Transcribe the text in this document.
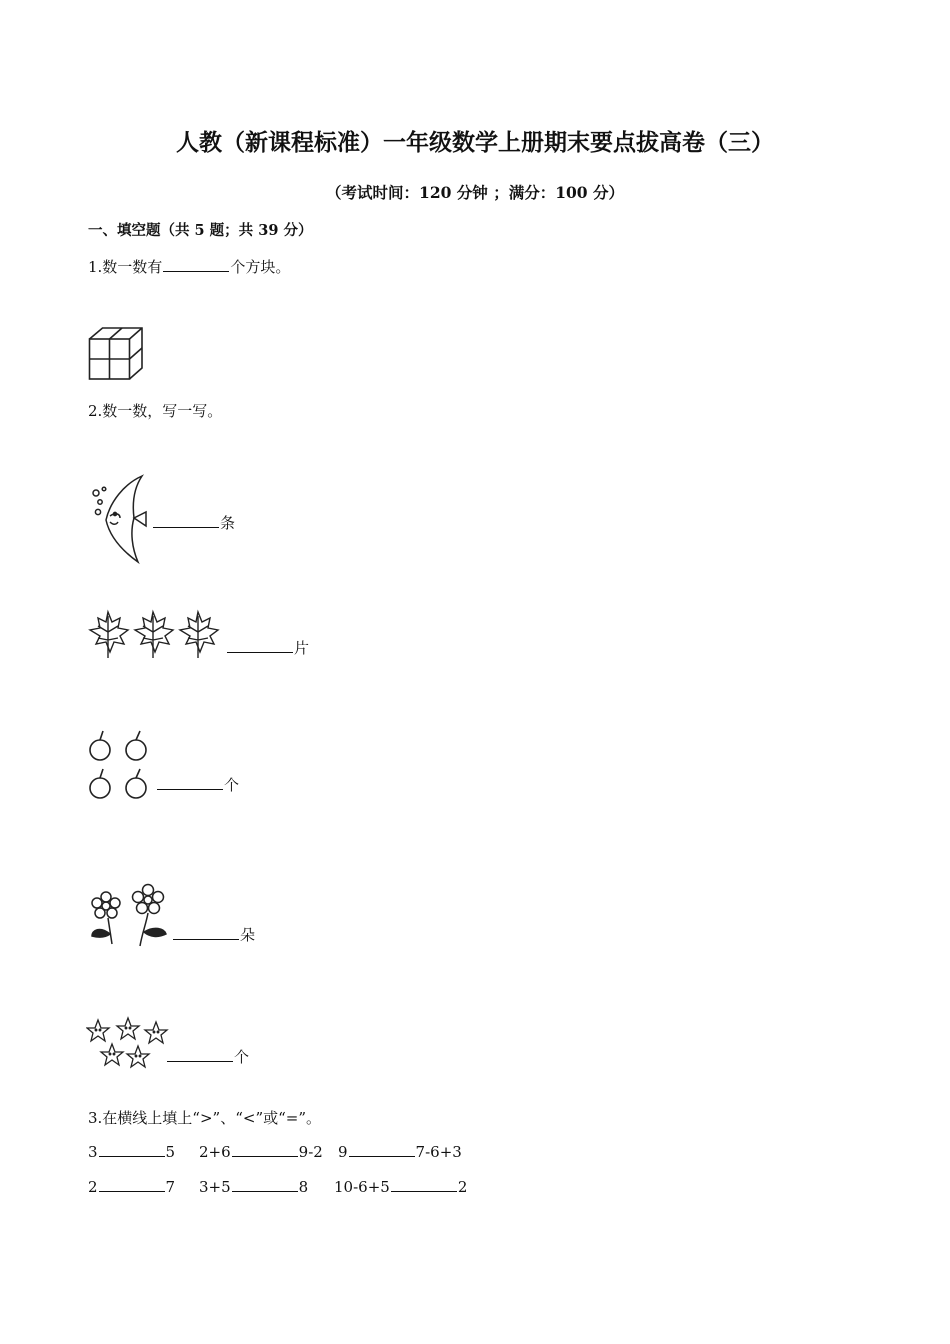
人教（新课程标准）一年级数学上册期末要点拔高卷（三）
（考试时间：120 分钟 ；满分：100 分）
一、填空题（共 5 题；共 39 分）
1.数一数有	个方块。
2.数一数，写一写。
条
片
个
朵
个
3.在横线上填上“>”、“<”或“=”。
3	5 2+6	9-2 9	7-6+3
2	7 3+5	8 10-6+5	2
